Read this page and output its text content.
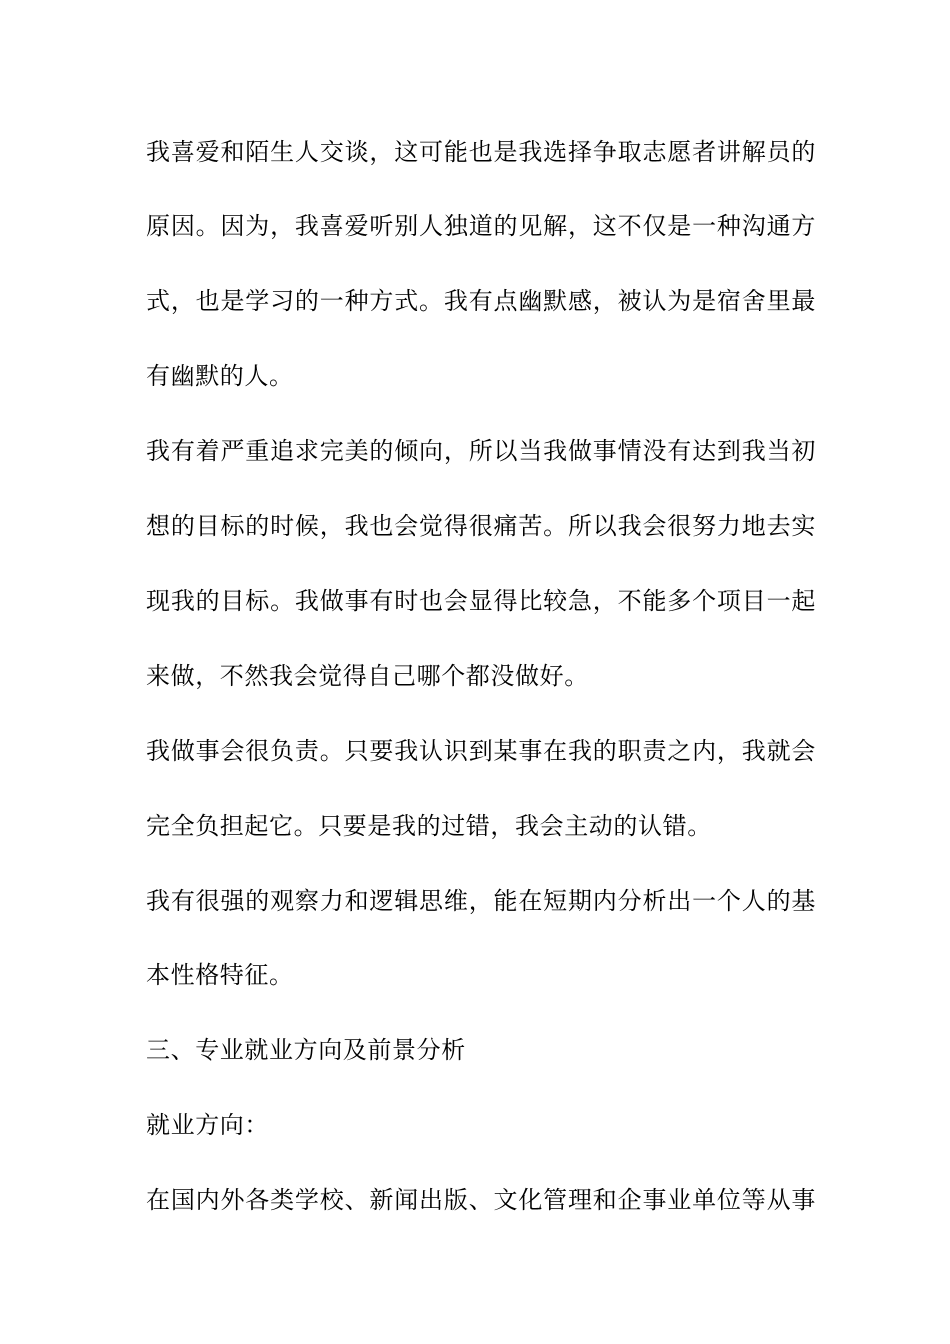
我喜爱和陌生人交谈，这可能也是我选择争取志愿者讲解员的
原因。因为，我喜爱听别人独道的见解，这不仅是一种沟通方
式，也是学习的一种方式。我有点幽默感，被认为是宿舍里最
有幽默的人。
我有着严重追求完美的倾向，所以当我做事情没有达到我当初
想的目标的时候，我也会觉得很痛苦。所以我会很努力地去实
现我的目标。我做事有时也会显得比较急，不能多个项目一起
来做，不然我会觉得自己哪个都没做好。
我做事会很负责。只要我认识到某事在我的职责之内，我就会
完全负担起它。只要是我的过错，我会主动的认错。
我有很强的观察力和逻辑思维，能在短期内分析出一个人的基
本性格特征。
三、专业就业方向及前景分析
就业方向：
在国内外各类学校、新闻出版、文化管理和企事业单位等从事
